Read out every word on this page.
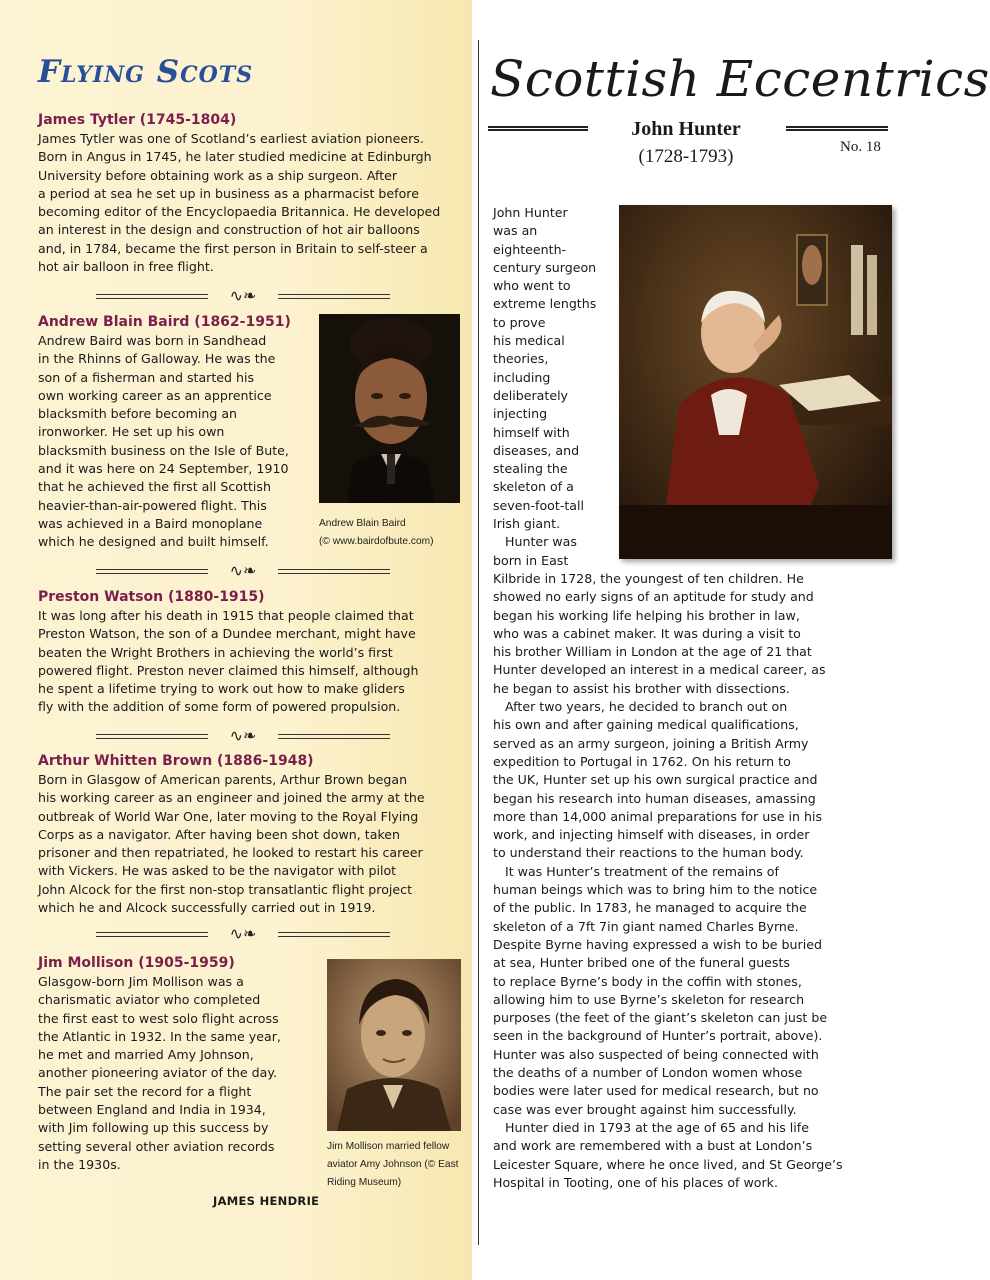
Flying Scots
James Tytler (1745-1804)

James Tytler was one of Scotland’s earliest aviation pioneers.

Born in Angus in 1745, he later studied medicine at Edinburgh

University before obtaining work as a ship surgeon. After

a period at sea he set up in business as a pharmacist before

becoming editor of the Encyclopaedia Britannica. He developed

an interest in the design and construction of hot air balloons

and, in 1784, became the first person in Britain to self-steer a

hot air balloon in free flight.

∿❧
Andrew Blain Baird (1862-1951)

Andrew Baird was born in Sandhead

in the Rhinns of Galloway. He was the

son of a fisherman and started his

own working career as an apprentice

blacksmith before becoming an

ironworker. He set up his own

blacksmith business on the Isle of Bute,

and it was here on 24 September, 1910

that he achieved the first all Scottish

heavier-than-air-powered flight. This

was achieved in a Baird monoplane

which he designed and built himself.

Andrew Blain Baird
(© www.bairdofbute.com)
∿❧
Preston Watson (1880-1915)

It was long after his death in 1915 that people claimed that

Preston Watson, the son of a Dundee merchant, might have

beaten the Wright Brothers in achieving the world’s first

powered flight. Preston never claimed this himself, although

he spent a lifetime trying to work out how to make gliders

fly with the addition of some form of powered propulsion.

∿❧
Arthur Whitten Brown (1886-1948)

Born in Glasgow of American parents, Arthur Brown began

his working career as an engineer and joined the army at the

outbreak of World War One, later moving to the Royal Flying

Corps as a navigator. After having been shot down, taken

prisoner and then repatriated, he looked to restart his career

with Vickers. He was asked to be the navigator with pilot

John Alcock for the first non-stop transatlantic flight project

which he and Alcock successfully carried out in 1919.

∿❧
Jim Mollison (1905-1959)

Glasgow-born Jim Mollison was a

charismatic aviator who completed

the first east to west solo flight across

the Atlantic in 1932. In the same year,

he met and married Amy Johnson,

another pioneering aviator of the day.

The pair set the record for a flight

between England and India in 1934,

with Jim following up this success by

setting several other aviation records

in the 1930s.

Jim Mollison married fellow
aviator Amy Johnson (© East
Riding Museum)
JAMES HENDRIE
Scottish Eccentrics
John Hunter
(1728-1793)	No. 18

John Hunter

was an

eighteenth-

century surgeon

who went to

extreme lengths

to prove

his medical

theories,

including

deliberately

injecting

himself with

diseases, and

stealing the

skeleton of a

seven-foot-tall

Irish giant.

Hunter was

born in East

Kilbride in 1728, the youngest of ten children. He

showed no early signs of an aptitude for study and

began his working life helping his brother in law,

who was a cabinet maker. It was during a visit to

his brother William in London at the age of 21 that

Hunter developed an interest in a medical career, as

he began to assist his brother with dissections.

After two years, he decided to branch out on

his own and after gaining medical qualifications,

served as an army surgeon, joining a British Army

expedition to Portugal in 1762. On his return to

the UK, Hunter set up his own surgical practice and

began his research into human diseases, amassing

more than 14,000 animal preparations for use in his

work, and injecting himself with diseases, in order

to understand their reactions to the human body.

It was Hunter’s treatment of the remains of

human beings which was to bring him to the notice

of the public. In 1783, he managed to acquire the

skeleton of a 7ft 7in giant named Charles Byrne.

Despite Byrne having expressed a wish to be buried

at sea, Hunter bribed one of the funeral guests

to replace Byrne’s body in the coffin with stones,

allowing him to use Byrne’s skeleton for research

purposes (the feet of the giant’s skeleton can just be

seen in the background of Hunter’s portrait, above).

Hunter was also suspected of being connected with

the deaths of a number of London women whose

bodies were later used for medical research, but no

case was ever brought against him successfully.

Hunter died in 1793 at the age of 65 and his life

and work are remembered with a bust at London’s

Leicester Square, where he once lived, and St George’s

Hospital in Tooting, one of his places of work.
